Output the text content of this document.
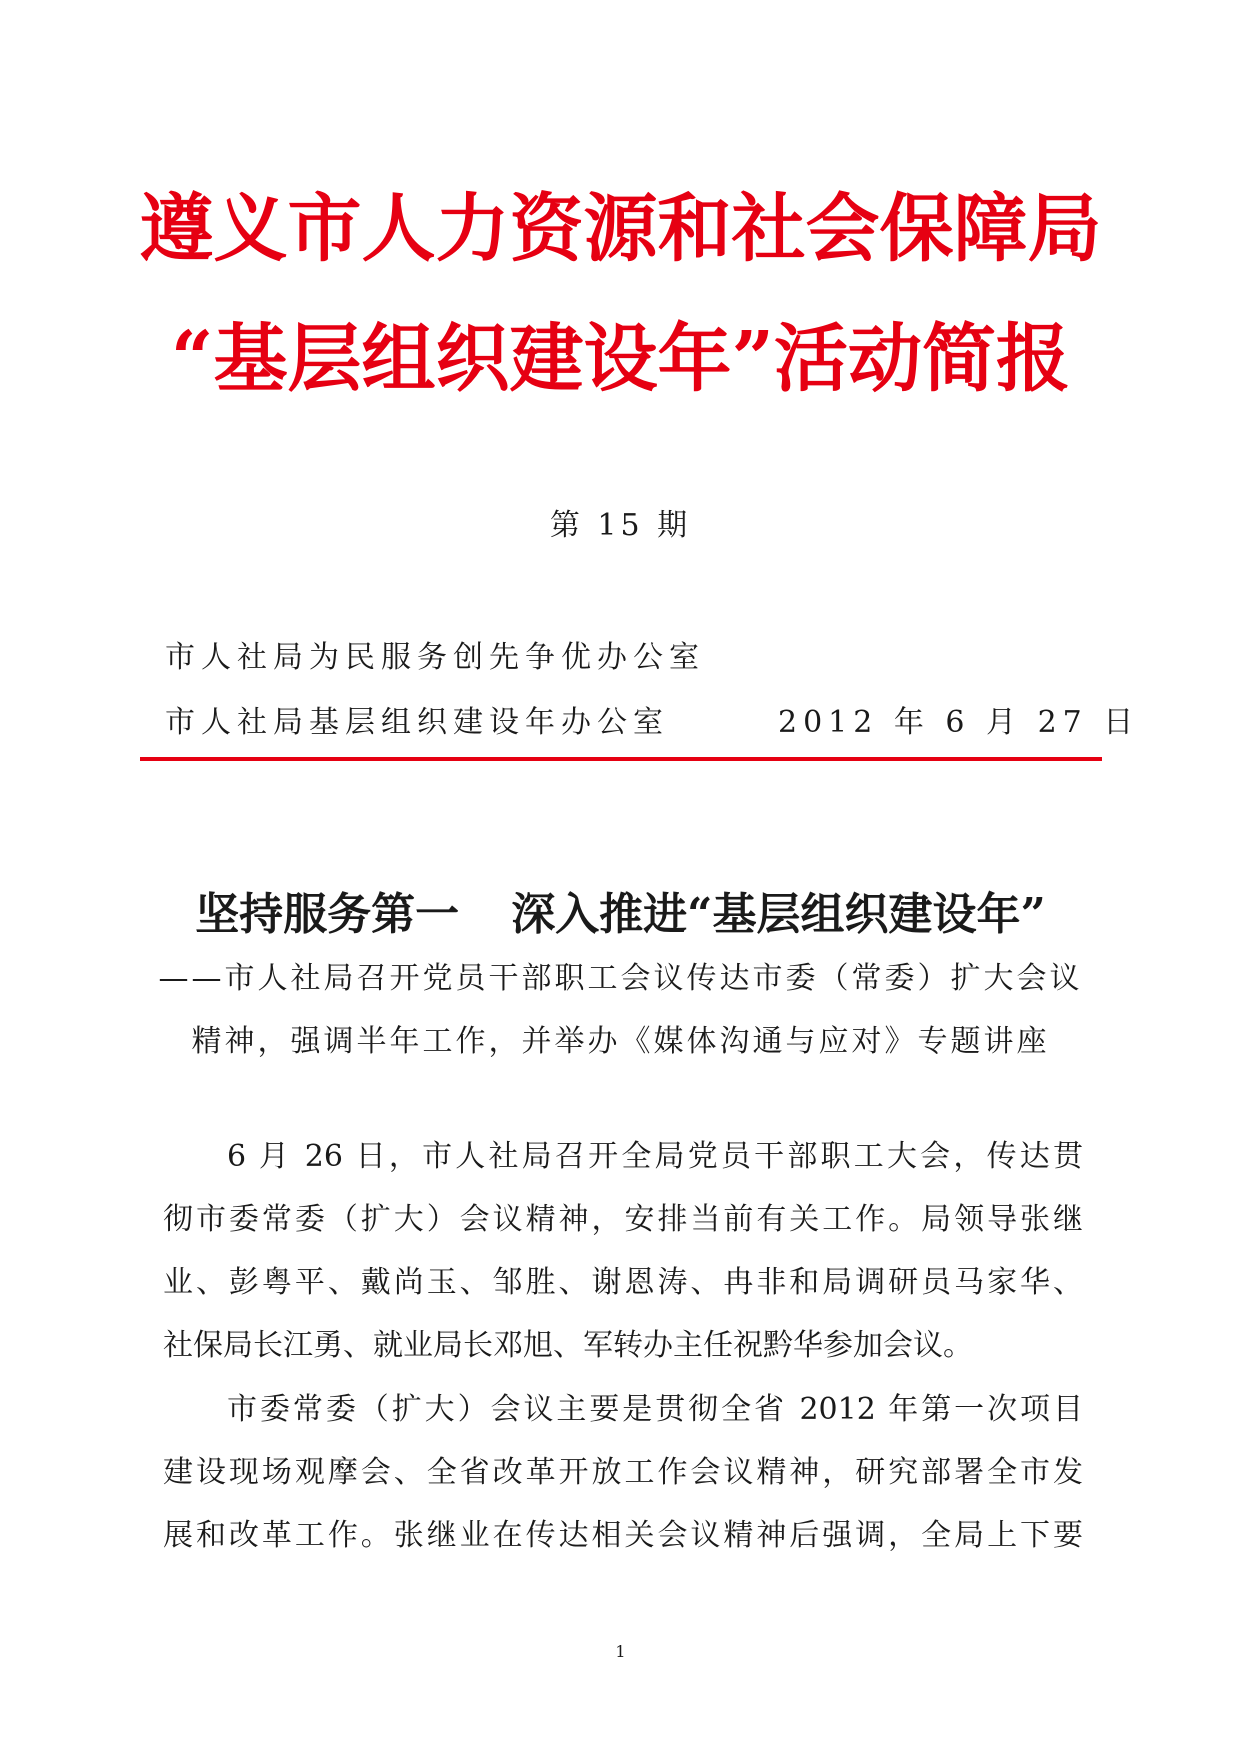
遵义市人力资源和社会保障局
“基层组织建设年”活动简报
第 15 期
市人社局为民服务创先争优办公室
市人社局基层组织建设年办公室	2012 年 6 月 27 日
坚持服务第一 深入推进“基层组织建设年”
——市人社局召开党员干部职工会议传达市委（常委）扩大会议
精神，强调半年工作，并举办《媒体沟通与应对》专题讲座
6 月 26 日，市人社局召开全局党员干部职工大会，传达贯
彻市委常委（扩大）会议精神，安排当前有关工作。局领导张继
业、彭粤平、戴尚玉、邹胜、谢恩涛、冉非和局调研员马家华、
社保局长江勇、就业局长邓旭、军转办主任祝黔华参加会议。
市委常委（扩大）会议主要是贯彻全省 2012 年第一次项目
建设现场观摩会、全省改革开放工作会议精神，研究部署全市发
展和改革工作。张继业在传达相关会议精神后强调，全局上下要
1
